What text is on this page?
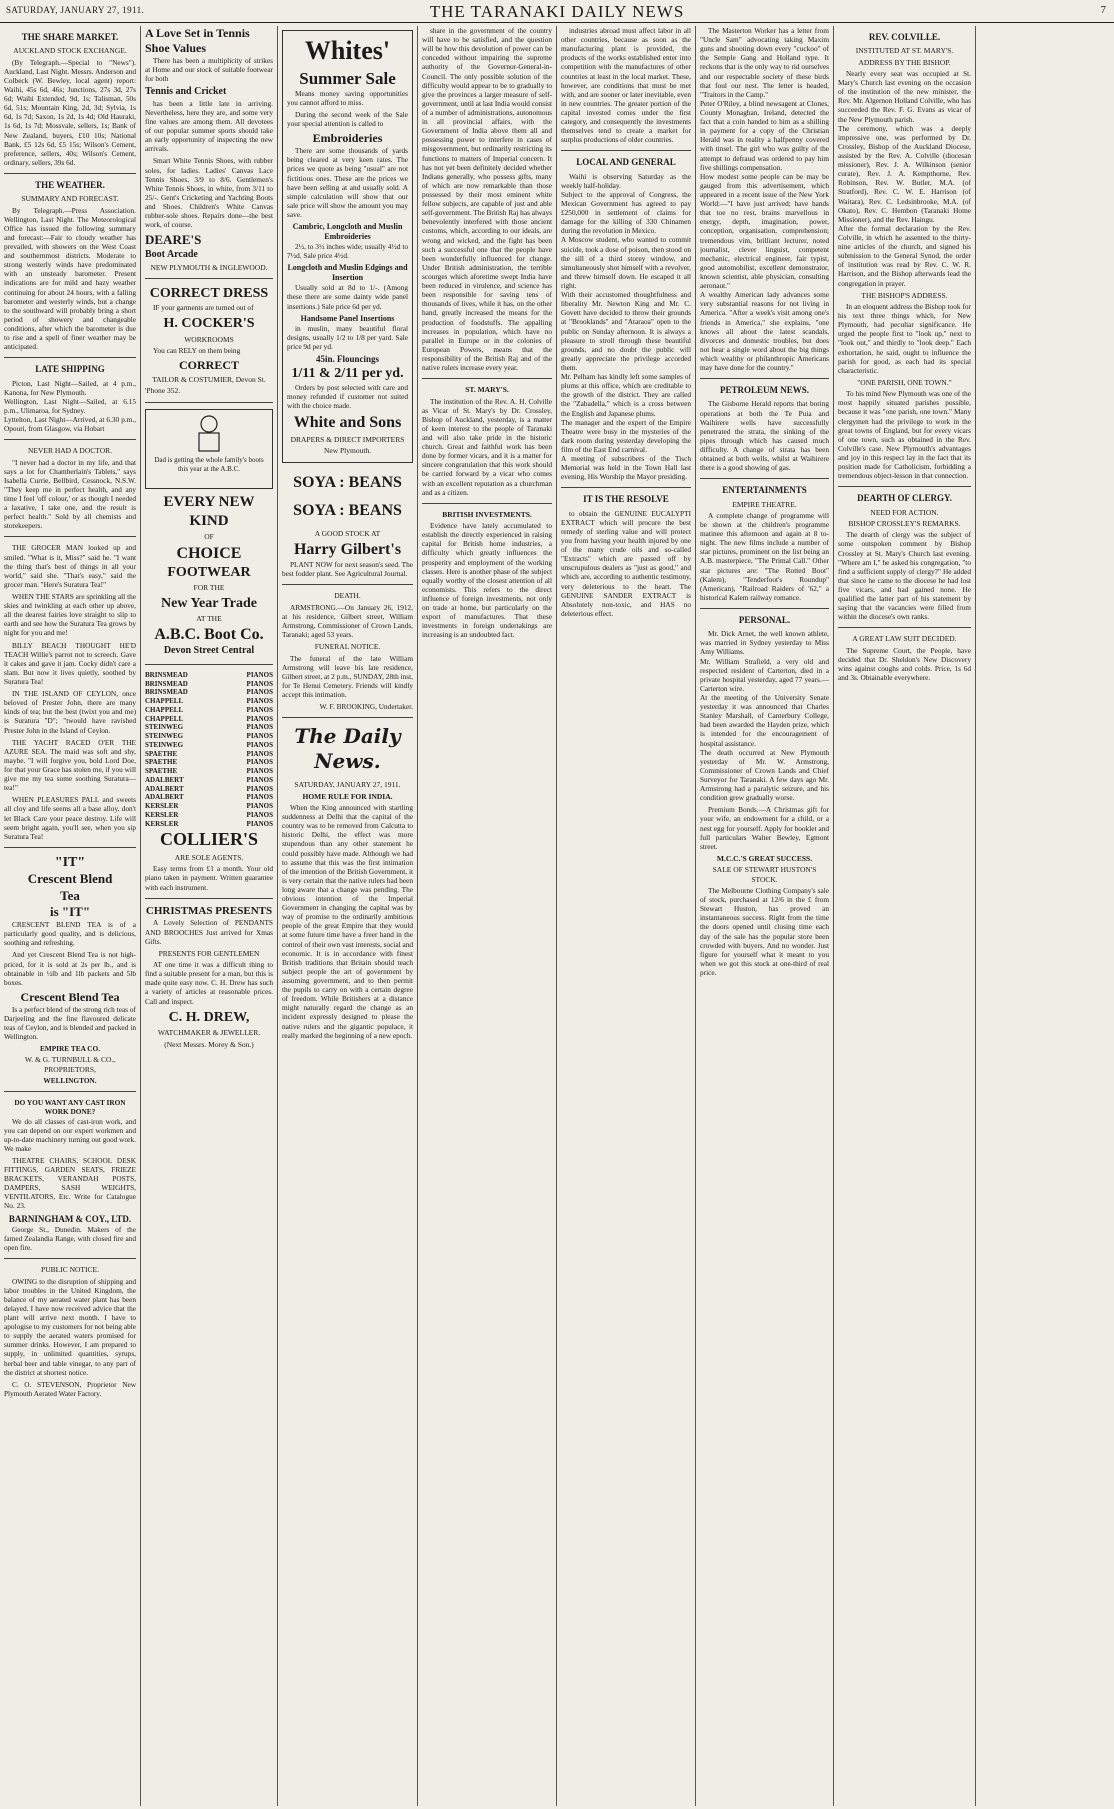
SATURDAY, JANUARY 27, 1911.	THE TARANAKI DAILY NEWS	7
THE SHARE MARKET.
AUCKLAND STOCK EXCHANGE.

(By Telegraph.—Special to "News"). Auckland, Last Night. Messrs. Anderson and Colbeck (W. Bewley, local agent) report: Waihi, 45s 6d, 46s; Junctions, 27s 3d, 27s 6d; Waihi Extended, 9d, 1s; Talisman, 50s 6d, 51s; Mountain King, 2d, 3d; Sylvia, 1s 6d, 1s 7d; Saxon, 1s 2d, 1s 4d; Old Hauraki, 1s 6d, 1s 7d; Mossvale, sellers, 1s; Bank of New Zealand, buyers, £10 10s; National Bank, £5 12s 6d, £5 15s; Wilson's Cement, preference, sellers, 40s; Wilson's Cement, ordinary, sellers, 39s 6d.

THE WEATHER.
SUMMARY AND FORECAST.

By Telegraph.—Press Association. Wellington, Last Night. The Meteorological Office has issued the following summary and forecast:—Fair to cloudy weather has prevailed, with showers on the West Coast and southernmost districts. Moderate to strong westerly winds have predominated with an unsteady barometer. Present indications are for mild and hazy weather continuing for about 24 hours, with a falling barometer and westerly winds, but a change to the southward will probably bring a short period of showery and changeable conditions, after which the barometer is due to rise and a spell of finer weather may be anticipated.

LATE SHIPPING

Picton, Last Night—Sailed, at 4 p.m., Kanona, for New Plymouth.
Wellington, Last Night—Sailed, at 6.15 p.m., Ulimaroa, for Sydney.
Lyttelton, Last Night—Arrived, at 6.30 p.m., Opouri, from Glasgow, via Hobart

NEVER HAD A DOCTOR.

"I never had a doctor in my life, and that says a lot for Chamberlain's Tablets," says Isabella Currie, Bellbird, Cessnock, N.S.W. "They keep me in perfect health, and any time I feel 'off colour,' or as though I needed a laxative, I take one, and the result is perfect health." Sold by all chemists and storekeepers.

THE GROCER MAN looked up and smiled. "What is it, Miss?" said he. "I want the thing that's best of things in all your world," said she. "That's easy," said the grocer man. "Here's Suratura Tea!"

WHEN THE STARS are sprinkling all the skies and twinkling at each other up above, all the dearest fairies love straight to slip to earth and see how the Suratura Tea grows by night for you and me!

BILLY BEACH THOUGHT HE'D TEACH Willie's parrot not to screech. Gave it cakes and gave it jam. Cocky didn't care a slam. But now it lives quietly, soothed by Suratura Tea!

IN THE ISLAND OF CEYLON, once beloved of Prester John, there are many kinds of tea; but the best (twixt you and me) is Suratura "D"; "twould have ravished Prester John in the Island of Ceylon.

THE YACHT RACED O'ER THE AZURE SEA. The maid was soft and shy, maybe. "I will forgive you, bold Lord Doe, for that your Grace has stolen me, if you will give me my tea some soothing Suratura—tea!"

WHEN PLEASURES PALL and sweets all cloy and life seems all a base alloy, don't let Black Care your peace destroy. Life will seem bright again, you'll see, when you sip Suratura Tea!

"IT"
Crescent Blend
Tea
is "IT"

CRESCENT BLEND TEA is of a particularly good quality, and is delicious, soothing and refreshing.

And yet Crescent Blend Tea is not high-priced, for it is sold at 2s per lb., and is obtainable in ½lb and 1lb packets and 5lb boxes.

Crescent Blend Tea

Is a perfect blend of the strong rich teas of Darjeeling and the fine flavoured delicate teas of Ceylon, and is blended and packed in Wellington.

EMPIRE TEA CO.
W. & G. TURNBULL & CO., PROPRIETORS,
WELLINGTON.
DO YOU WANT ANY CAST IRON WORK DONE?

We do all classes of cast-iron work, and you can depend on our expert workmen and up-to-date machinery turning out good work. We make

THEATRE CHAIRS, SCHOOL DESK FITTINGS, GARDEN SEATS, FRIEZE BRACKETS, VERANDAH POSTS, DAMPERS, SASH WEIGHTS, VENTILATORS, Etc. Write for Catalogue No. 23.

BARNINGHAM & COY., LTD.

George St., Dunedin. Makers of the famed Zealandia Range, with closed fire and open fire.

PUBLIC NOTICE.

OWING to the disruption of shipping and labor troubles in the United Kingdom, the balance of my aerated water plant has been delayed. I have now received advice that the plant will arrive next month. I have to apologise to my customers for not being able to supply the aerated waters promised for summer drinks. However, I am prepared to supply, in unlimited quantities, syrups, herbal beer and table vinegar, to any part of the district at shortest notice.

C. O. STEVENSON, Proprietor New Plymouth Aerated Water Factory.

A Love Set in Tennis Shoe Values

There has been a multiplicity of strikes at Home and our stock of suitable footwear for both

Tennis and Cricket

has been a little late in arriving. Nevertheless, here they are, and some very fine values are among them. All devotees of our popular summer sports should take an early opportunity of inspecting the new arrivals.

Smart White Tennis Shoes, with rubber soles, for ladies. Ladies' Canvas Lace Tennis Shoes, 3/9 to 8/6. Gentlemen's White Tennis Shoes, in white, from 3/11 to 25/-. Gent's Cricketing and Yachting Boots and Shoes. Children's White Canvas rubber-sole shoes. Repairs done—the best work, of course.

DEARE'S
Boot Arcade
NEW PLYMOUTH & INGLEWOOD.
CORRECT DRESS

IF your garments are turned out of

H. COCKER'S
WORKROOMS

You can RELY on them being

CORRECT
TAILOR & COSTUMIER, Devon St.
'Phone 352.
Dad is getting the whole family's boots this year at the A.B.C.
EVERY NEW KIND
OF
CHOICE
FOOTWEAR
FOR THE
New Year Trade
AT THE
A.B.C. Boot Co.
Devon Street Central
BRINSMEAD	PIANOS
BRINSMEAD	PIANOS
BRINSMEAD	PIANOS
CHAPPELL	PIANOS
CHAPPELL	PIANOS
CHAPPELL	PIANOS
STEINWEG	PIANOS
STEINWEG	PIANOS
STEINWEG	PIANOS
SPAETHE	PIANOS
SPAETHE	PIANOS
SPAETHE	PIANOS
ADALBERT	PIANOS
ADALBERT	PIANOS
ADALBERT	PIANOS
KERSLER	PIANOS
KERSLER	PIANOS
KERSLER	PIANOS
COLLIER'S
ARE SOLE AGENTS.

Easy terms from £1 a month. Your old piano taken in payment. Written guarantee with each instrument.

CHRISTMAS PRESENTS

A Lovely Selection of PENDANTS AND BROOCHES Just arrived for Xmas Gifts.

PRESENTS FOR GENTLEMEN

AT one time it was a difficult thing to find a suitable present for a man, but this is made quite easy now. C. H. Drew has such a variety of articles at reasonable prices. Call and inspect.

C. H. DREW,
WATCHMAKER & JEWELLER.
(Next Messrs. Morey & Son.)
Whites'
Summer Sale

Means money saving opportunities you cannot afford to miss.

During the second week of the Sale your special attention is called to

Embroideries

There are some thousands of yards being cleared at very keen rates. The prices we quote as being "usual" are not fictitious ones. These are the prices we have been selling at and usually sold. A simple calculation will show that our sale price will show the amount you may save.

Cambric, Longcloth and Muslin Embroideries

2½, to 3½ inches wide; usually 4½d to 7½d. Sale price 4½d.

Longcloth and Muslin Edgings and Insertion

Usually sold at 8d to 1/-. (Among these there are some dainty wide panel insertions.) Sale price 6d per yd.

Handsome Panel Insertions

in muslin, many beautiful floral designs, usually 1/2 to 1/8 per yard. Sale price 9d per yd.

45in. Flouncings
1/11 & 2/11 per yd.

Orders by post selected with care and money refunded if customer not suited with the choice made.

White and Sons
DRAPERS & DIRECT IMPORTERS
New Plymouth.
SOYA : BEANS
SOYA : BEANS
A GOOD STOCK AT
Harry Gilbert's

PLANT NOW for next season's seed. The best fodder plant. See Agricultural Journal.

DEATH.

ARMSTRONG.—On January 26, 1912, at his residence, Gilbert street, William Armstrong, Commissioner of Crown Lands, Taranaki; aged 53 years.

FUNERAL NOTICE.

The funeral of the late William Armstrong will leave his late residence, Gilbert street, at 2 p.m., SUNDAY, 28th inst, for Te Henui Cemetery. Friends will kindly accept this intimation.

W. F. BROOKING, Undertaker.

The Daily News.
SATURDAY, JANUARY 27, 1911.
HOME RULE FOR INDIA.

When the King announced with startling suddenness at Delhi that the capital of the country was to be removed from Calcutta to historic Delhi, the effect was more stupendous than any other statement he could possibly have made. Although we had to assume that this was the first intimation of the intention of the British Government, it is very certain that the native rulers had been long aware that a change was pending. The obvious intention of the Imperial Government in changing the capital was by way of promise to the ordinarily ambitious people of the great Empire that they would at some future time have a freer hand in the control of their own vast interests, social and economic. It is in accordance with finest British traditions that Britain should teach subject people the art of government by assuming government, and to then permit the pupils to carry on with a certain degree of freedom. While Britishers at a distance might naturally regard the change as an incident expressly designed to please the native rulers and the gigantic populace, it really marked the beginning of a new epoch.

share in the government of the country will have to be satisfied, and the question will be how this devolution of power can be conceded without impairing the supreme authority of the Governor-General-in-Council. The only possible solution of the difficulty would appear to be to gradually to give the provinces a larger measure of self-government, until at last India would consist of a number of administrations, autonomous in all provincial affairs, with the Government of India above them all and possessing power to interfere in cases of misgovernment, but ordinarily restricting its functions to matters of Imperial concern. It has not yet been definitely decided whether Indians generally, who possess gifts, many of which are now remarkable than those possessed by their most eminent white fellow subjects, are capable of just and able self-government. The British Raj has always benevolently interfered with those ancient customs, which, according to our ideals, are wrong and wicked, and the fight has been such a successful one that the people have been wonderfully influenced for change. Under British administration, the terrible scourges which aforetime swept India have been reduced in virulence, and science has been responsible for saving tens of thousands of lives, while it has, on the other hand, greatly increased the means for the production of foodstuffs. The appalling increases in population, which have no parallel in Europe or in the colonies of European Powers, means that the responsibility of the British Raj and of the native rulers increase every year.

ST. MARY'S.

The institution of the Rev. A. H. Colville as Vicar of St. Mary's by Dr. Crossley, Bishop of Auckland, yesterday, is a matter of keen interest to the people of Taranaki and will also take pride in the historic church. Great and faithful work has been done by former vicars, and it is a matter for sincere congratulation that this work should be carried forward by a vicar who comes with an excellent reputation as a churchman and as a citizen.

BRITISH INVESTMENTS.

Evidence have lately accumulated to establish the directly experienced in raising capital for British home industries, a difficulty which greatly influences the prosperity and employment of the working classes. Here is another phase of the subject equally worthy of the closest attention of all economists. This refers to the direct influence of foreign investments, not only on trade at home, but particularly on the export of manufactures. That these investments in foreign undertakings are increasing is an undoubted fact.

industries abroad must affect labor in all other countries, because as soon as the manufacturing plant is provided, the products of the works established enter into competition with the manufactures of other countries at least in the local market. These, however, are conditions that must be met with, and are sooner or later inevitable, even in new countries. The greater portion of the capital invested comes under the first category, and consequently the investments themselves tend to create a market for surplus productions of older countries.

LOCAL AND GENERAL

Waihi is observing Saturday as the weekly half-holiday.
Subject to the approval of Congress, the Mexican Government has agreed to pay £250,000 in settlement of claims for damage for the killing of 330 Chinamen during the revolution in Mexico.
A Moscow student, who wanted to commit suicide, took a dose of poison, then stood on the sill of a third storey window, and simultaneously shot himself with a revolver, and threw himself down. He escaped it all right.
With their accustomed thoughtfulness and liberality Mr. Newton King and Mr. C. Govett have decided to throw their grounds at "Brooklands" and "Ataraoa" open to the public on Sunday afternoon. It is always a pleasure to stroll through these beautiful grounds, and no doubt the public will greatly appreciate the privilege accorded them.
Mr. Pelham has kindly left some samples of plums at this office, which are creditable to the growth of the district. They are called the "Zabadella," which is a cross between the English and Japanese plums.
The manager and the expert of the Empire Theatre were busy in the mysteries of the dark room during yesterday developing the film of the East End carnival.
A meeting of subscribers of the Tisch Memorial was held in the Town Hall last evening, His Worship the Mayor presiding.

IT IS THE RESOLVE

to obtain the GENUINE EUCALYPTI EXTRACT which will procure the best remedy of sterling value and will protect you from having your health injured by one of the many crude oils and so-called "Extracts" which are passed off by unscrupulous dealers as "just as good," and which are, according to authentic testimony, very deleterious to the heart. The GENUINE SANDER EXTRACT is Absolutely non-toxic, and HAS no deleterious effect.

The Masterton Worker has a letter from "Uncle Sam" advocating taking Maxim guns and shooting down every "cuckoo" of the Semple Gang and Holland type. It reckons that is the only way to rid ourselves and our respectable society of these birds that foul our nest. The letter is headed, "Traitors in the Camp."
Peter O'Riley, a blind newsagent at Clones, County Monaghan, Ireland, detected the fact that a coin handed to him as a shilling in payment for a copy of the Christian Herald was in reality a halfpenny covered with tinsel. The girl who was guilty of the attempt to defraud was ordered to pay him five shillings compensation.
How modest some people can be may be gauged from this advertisement, which appeared in a recent issue of the New York World:—"I have just arrived; have hands that toe no rest, brains marvellous in energy, depth, imagination, power, conception, organisation, comprehension; tremendous vim, brilliant lecturer, noted journalist, clever linguist, competent mechanic, electrical engineer, fair typist, good automobilist, excellent demonstrator, known scientist, able physician, consulting aeronaut."
A wealthy American lady advances some very substantial reasons for not living in America. "After a week's visit among one's friends in America," she explains, "one knows all about the latest scandals, divorces and domestic troubles, but does not hear a single word about the big things which wealthy or philanthropic Americans may have done for the country."

PETROLEUM NEWS.

The Gisborne Herald reports that boring operations at both the Te Puia and Waihirere wells have successfully penetrated the strata, the sinking of the pipes through which has caused much difficulty. A change of strata has been obtained at both wells, whilst at Waihirere there is a good showing of gas.

ENTERTAINMENTS
EMPIRE THEATRE.

A complete change of programme will be shown at the children's programme matinee this afternoon and again at 8 to-night. The new films include a number of star pictures, prominent on the list being an A.B. masterpiece, "The Primal Call." Other star pictures are: "The Rotted Boot" (Kalem), "Tenderfoot's Roundup" (American), "Railroad Raiders of '62," a historical Kalem railway romance.

PERSONAL.

Mr. Dick Arnet, the well known athlete, was married in Sydney yesterday to Miss Amy Williams.
Mr. William Strafield, a very old and respected resident of Carterton, died in a private hospital yesterday, aged 77 years.—Carterton wire.
At the meeting of the University Senate yesterday it was announced that Charles Stanley Marshall, of Canterbury College, had been awarded the Hayden prize, which is intended for the encouragement of hospital assistance.
The death occurred at New Plymouth yesterday of Mr. W. Armstrong, Commissioner of Crown Lands and Chief Surveyor for Taranaki. A few days ago Mr. Armstrong had a paralytic seizure, and his condition grew gradually worse.

Premium Bonds.—A Christmas gift for your wife, an endowment for a child, or a nest egg for yourself. Apply for booklet and full particulars Walter Bewley, Egmont street.

M.C.C.'S GREAT SUCCESS.
SALE OF STEWART HUSTON'S STOCK.

The Melbourne Clothing Company's sale of stock, purchased at 12/6 in the £ from Stewart Huston, has proved an instantaneous success. Right from the time the doors opened until closing time each day of the sale has the popular store been crowded with buyers. And no wonder. Just figure for yourself what it meant to you when we got this stock at one-third of real price.

REV. COLVILLE.
INSTITUTED AT ST. MARY'S.
ADDRESS BY THE BISHOP.

Nearly every seat was occupied at St. Mary's Church last evening on the occasion of the institution of the new minister, the Rev. Mr. Algernon Holland Colville, who has succeeded the Rev. F. G. Evans as vicar of the New Plymouth parish.
The ceremony, which was a deeply impressive one, was performed by Dr. Crossley, Bishop of the Auckland Diocese, assisted by the Rev. A. Colville (diocesan missioner), Rev. J. A. Wilkinson (senior curate), Rev. J. A. Kempthorne, Rev. Robinson, Rev. W. Butler, M.A. (of Stratford), Rev. C. W. E. Harrison (of Waitara), Rev. C. Ledsinbrooke, M.A. (of Okato), Rev. C. Hembon (Taranaki Home Missioner), and the Rev. Haingu.
After the formal declaration by the Rev. Colville, in which he assented to the thirty-nine articles of the church, and signed his submission to the General Synod, the order of institution was read by Rev. C. W. R. Harrison, and the Bishop afterwards lead the congregation in prayer.

THE BISHOP'S ADDRESS.

In an eloquent address the Bishop took for his text three things which, for New Plymouth, had peculiar significance. He urged the people first to "look up," next to "look out," and thirdly to "look deep." Each exhortation, he said, ought to influence the parish for good, as each had its special characteristic.

"ONE PARISH, ONE TOWN."

To his mind New Plymouth was one of the most happily situated parishes possible, because it was "one parish, one town." Many clergymen had the privilege to work in the great towns of England, but for every vicars of one town, such as obtained in the Rev. Colville's case. New Plymouth's advantages and joy in this respect lay in the fact that its position made for Catholicism, forbidding a tremendous object-lesson in that connection.

DEARTH OF CLERGY.
NEED FOR ACTION.
BISHOP CROSSLEY'S REMARKS.

The dearth of clergy was the subject of some outspoken comment by Bishop Crossley at St. Mary's Church last evening. "Where am I," he asked his congregation, "to find a sufficient supply of clergy?" He added that since he came to the diocese he had lost five vicars, and had gained none. He qualified the latter part of his statement by saying that the vacancies were filled from within the diocese's own ranks.

A GREAT LAW SUIT DECIDED.

The Supreme Court, the People, have decided that Dr. Sheldon's New Discovery wins against coughs and colds. Price, 1s 6d and 3s. Obtainable everywhere.
